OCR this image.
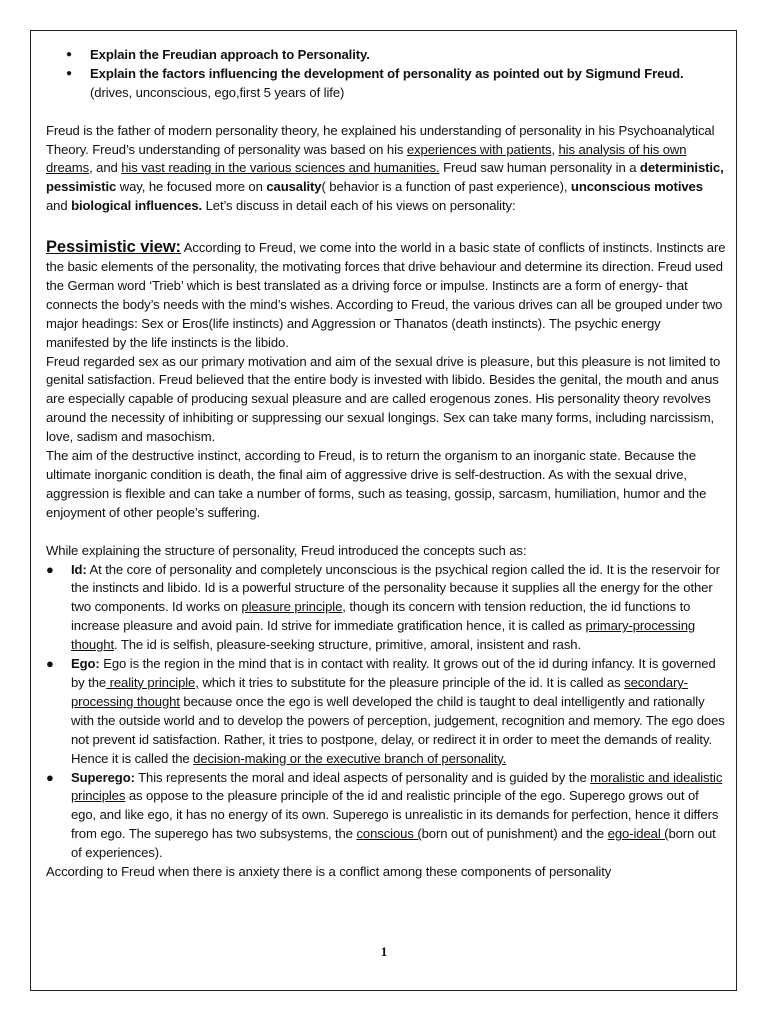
● Explain the Freudian approach to Personality.
● Explain the factors influencing the development of personality as pointed out by Sigmund Freud.
(drives, unconscious, ego,first 5 years of life)

Freud is the father of modern personality theory, he explained his understanding of personality in his Psychoanalytical Theory. Freud’s understanding of personality was based on his experiences with patients, his analysis of his own dreams, and his vast reading in the various sciences and humanities. Freud saw human personality in a deterministic, pessimistic way, he focused more on causality( behavior is a function of past experience), unconscious motives and biological influences. Let’s discuss in detail each of his views on personality:

Pessimistic view: According to Freud, we come into the world in a basic state of conflicts of instincts. Instincts are the basic elements of the personality, the motivating forces that drive behaviour and determine its direction. Freud used the German word ‘Trieb’ which is best translated as a driving force or impulse. Instincts are a form of energy- that connects the body’s needs with the mind’s wishes. According to Freud, the various drives can all be grouped under two major headings: Sex or Eros(life instincts) and Aggression or Thanatos (death instincts). The psychic energy manifested by the life instincts is the libido.

Freud regarded sex as our primary motivation and aim of the sexual drive is pleasure, but this pleasure is not limited to genital satisfaction. Freud believed that the entire body is invested with libido. Besides the genital, the mouth and anus are especially capable of producing sexual pleasure and are called erogenous zones. His personality theory revolves around the necessity of inhibiting or suppressing our sexual longings. Sex can take many forms, including narcissism, love, sadism and masochism.

The aim of the destructive instinct, according to Freud, is to return the organism to an inorganic state. Because the ultimate inorganic condition is death, the final aim of aggressive drive is self-destruction. As with the sexual drive, aggression is flexible and can take a number of forms, such as teasing, gossip, sarcasm, humiliation, humor and the enjoyment of other people’s suffering.

While explaining the structure of personality, Freud introduced the concepts such as:

● Id: At the core of personality and completely unconscious is the psychical region called the id. It is the reservoir for the instincts and libido. Id is a powerful structure of the personality because it supplies all the energy for the other two components. Id works on pleasure principle, though its concern with tension reduction, the id functions to increase pleasure and avoid pain. Id strive for immediate gratification hence, it is called as primary-processing thought. The id is selfish, pleasure-seeking structure, primitive, amoral, insistent and rash.
● Ego: Ego is the region in the mind that is in contact with reality. It grows out of the id during infancy. It is governed by the reality principle, which it tries to substitute for the pleasure principle of the id. It is called as secondary-processing thought because once the ego is well developed the child is taught to deal intelligently and rationally with the outside world and to develop the powers of perception, judgement, recognition and memory. The ego does not prevent id satisfaction. Rather, it tries to postpone, delay, or redirect it in order to meet the demands of reality. Hence it is called the decision-making or the executive branch of personality.
● Superego: This represents the moral and ideal aspects of personality and is guided by the moralistic and idealistic principles as oppose to the pleasure principle of the id and realistic principle of the ego. Superego grows out of ego, and like ego, it has no energy of its own. Superego is unrealistic in its demands for perfection, hence it differs from ego. The superego has two subsystems, the conscious (born out of punishment) and the ego-ideal (born out of experiences).

According to Freud when there is anxiety there is a conflict among these components of personality

1
